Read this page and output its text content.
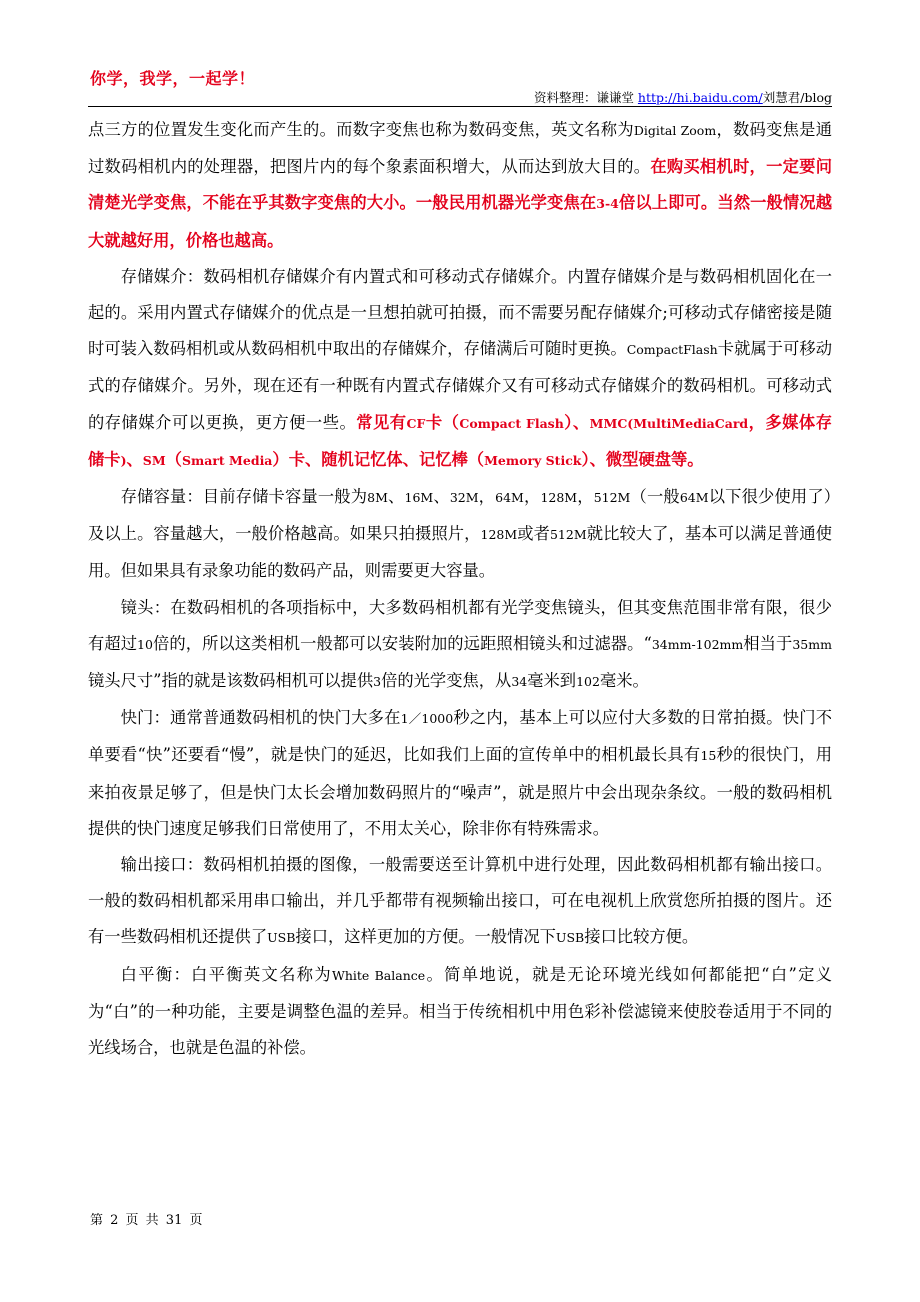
你学，我学，一起学！
资料整理：谦谦堂 http://hi.baidu.com/刘慧君/blog

点三方的位置发生变化而产生的。而数字变焦也称为数码变焦，英文名称为Digital Zoom，数码变焦是通过数码相机内的处理器，把图片内的每个象素面积增大，从而达到放大目的。在购买相机时，一定要问清楚光学变焦，不能在乎其数字变焦的大小。一般民用机器光学变焦在3-4倍以上即可。当然一般情况越大就越好用，价格也越高。

存储媒介：数码相机存储媒介有内置式和可移动式存储媒介。内置存储媒介是与数码相机固化在一起的。采用内置式存储媒介的优点是一旦想拍就可拍摄，而不需要另配存储媒介;可移动式存储密接是随时可装入数码相机或从数码相机中取出的存储媒介，存储满后可随时更换。CompactFlash卡就属于可移动式的存储媒介。另外，现在还有一种既有内置式存储媒介又有可移动式存储媒介的数码相机。可移动式的存储媒介可以更换，更方便一些。常见有CF卡（Compact Flash）、MMC(MultiMediaCard，多媒体存储卡)、SM（Smart Media）卡、随机记忆体、记忆棒（Memory Stick）、微型硬盘等。

存储容量：目前存储卡容量一般为8M、16M、32M，64M，128M，512M（一般64M以下很少使用了）及以上。容量越大，一般价格越高。如果只拍摄照片，128M或者512M就比较大了，基本可以满足普通使用。但如果具有录象功能的数码产品，则需要更大容量。

镜头：在数码相机的各项指标中，大多数码相机都有光学变焦镜头，但其变焦范围非常有限，很少有超过10倍的，所以这类相机一般都可以安装附加的远距照相镜头和过滤器。“34mm-102mm相当于35mm镜头尺寸”指的就是该数码相机可以提供3倍的光学变焦，从34毫米到102毫米。

快门：通常普通数码相机的快门大多在1／1000秒之内，基本上可以应付大多数的日常拍摄。快门不单要看“快”还要看“慢”，就是快门的延迟，比如我们上面的宣传单中的相机最长具有15秒的很快门，用来拍夜景足够了，但是快门太长会增加数码照片的“噪声”，就是照片中会出现杂条纹。一般的数码相机提供的快门速度足够我们日常使用了，不用太关心，除非你有特殊需求。

输出接口：数码相机拍摄的图像，一般需要送至计算机中进行处理，因此数码相机都有输出接口。一般的数码相机都采用串口输出，并几乎都带有视频输出接口，可在电视机上欣赏您所拍摄的图片。还有一些数码相机还提供了USB接口，这样更加的方便。一般情况下USB接口比较方便。

白平衡：白平衡英文名称为White Balance。简单地说，就是无论环境光线如何都能把“白”定义为“白”的一种功能，主要是调整色温的差异。相当于传统相机中用色彩补偿滤镜来使胶卷适用于不同的光线场合，也就是色温的补偿。

第 2 页 共 31 页
